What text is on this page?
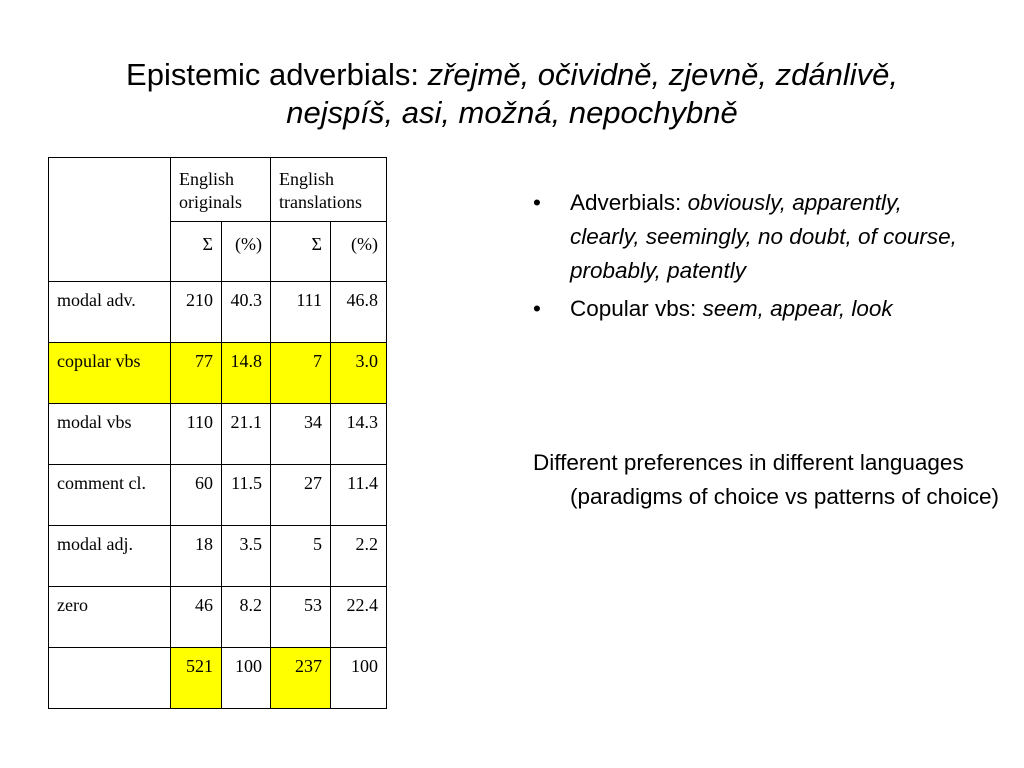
Epistemic adverbials: zřejmě, očividně, zjevně, zdánlivě,
nejspíš, asi, možná, nepochybně
	English originals		English translations	
	Σ	(%)	Σ	(%)
modal adv.	210	40.3	111	46.8
copular vbs	77	14.8	7	3.0
modal vbs	110	21.1	34	14.3
comment cl.	60	11.5	27	11.4
modal adj.	18	3.5	5	2.2
zero	46	8.2	53	22.4
	521	100	237	100
• Adverbials: obviously, apparently, clearly, seemingly, no doubt, of course, probably, patently
• Copular vbs: seem, appear, look
Different preferences in different languages (paradigms of choice vs patterns of choice)
